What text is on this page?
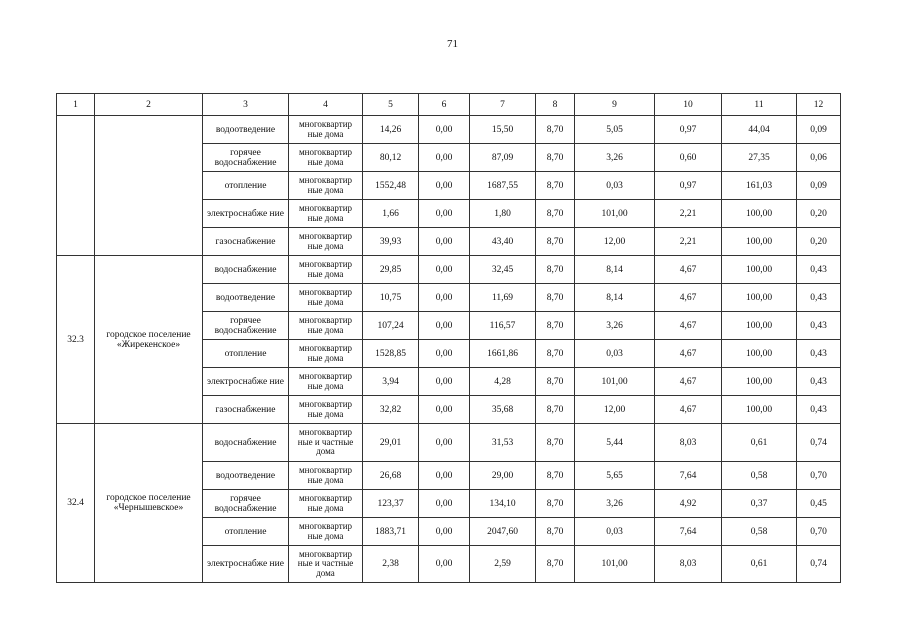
71
1	2	3	4	5	6	7	8	9	10	11	12
		водоотведение	многоквартир ные дома	14,26	0,00	15,50	8,70	5,05	0,97	44,04	0,09
		горячее водоснабжение	многоквартир ные дома	80,12	0,00	87,09	8,70	3,26	0,60	27,35	0,06
		отопление	многоквартир ные дома	1552,48	0,00	1687,55	8,70	0,03	0,97	161,03	0,09
		электроснабже ние	многоквартир ные дома	1,66	0,00	1,80	8,70	101,00	2,21	100,00	0,20
		газоснабжение	многоквартир ные дома	39,93	0,00	43,40	8,70	12,00	2,21	100,00	0,20
32.3	городское поселение «Жирекенское»	водоснабжение	многоквартир ные дома	29,85	0,00	32,45	8,70	8,14	4,67	100,00	0,43
		водоотведение	многоквартир ные дома	10,75	0,00	11,69	8,70	8,14	4,67	100,00	0,43
		горячее водоснабжение	многоквартир ные дома	107,24	0,00	116,57	8,70	3,26	4,67	100,00	0,43
		отопление	многоквартир ные дома	1528,85	0,00	1661,86	8,70	0,03	4,67	100,00	0,43
		электроснабже ние	многоквартир ные дома	3,94	0,00	4,28	8,70	101,00	4,67	100,00	0,43
		газоснабжение	многоквартир ные дома	32,82	0,00	35,68	8,70	12,00	4,67	100,00	0,43
32.4	городское поселение «Чернышевское»	водоснабжение	многоквартир ные и частные дома	29,01	0,00	31,53	8,70	5,44	8,03	0,61	0,74
		водоотведение	многоквартир ные дома	26,68	0,00	29,00	8,70	5,65	7,64	0,58	0,70
		горячее водоснабжение	многоквартир ные дома	123,37	0,00	134,10	8,70	3,26	4,92	0,37	0,45
		отопление	многоквартир ные дома	1883,71	0,00	2047,60	8,70	0,03	7,64	0,58	0,70
		электроснабже ние	многоквартир ные и частные дома	2,38	0,00	2,59	8,70	101,00	8,03	0,61	0,74
